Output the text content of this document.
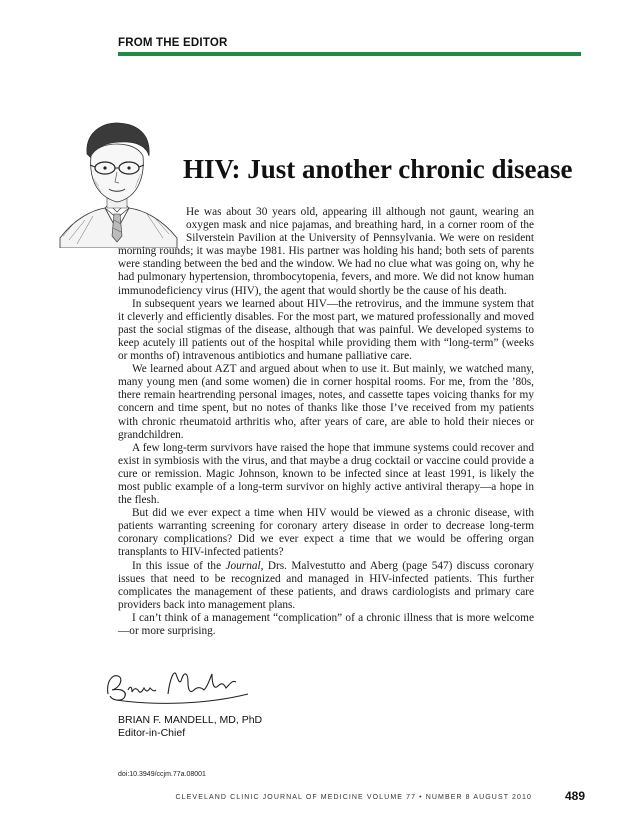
FROM THE EDITOR
HIV: Just another chronic disease

He was about 30 years old, appearing ill although not gaunt, wearing an oxygen mask and nice pajamas, and breathing hard, in a corner room of the Silverstein Pavilion at the University of Pennsylvania. We were on resident morning rounds; it was maybe 1981. His partner was holding his hand; both sets of parents were standing between the bed and the window. We had no clue what was going on, why he had pulmonary hypertension, thrombocytopenia, fevers, and more. We did not know human immunodeficiency virus (HIV), the agent that would shortly be the cause of his death.

In subsequent years we learned about HIV—the retrovirus, and the immune system that it cleverly and efficiently disables. For the most part, we matured professionally and moved past the social stigmas of the disease, although that was painful. We developed systems to keep acutely ill patients out of the hospital while providing them with “long-term” (weeks or months of) intravenous antibiotics and humane palliative care.

We learned about AZT and argued about when to use it. But mainly, we watched many, many young men (and some women) die in corner hospital rooms. For me, from the ’80s, there remain heartrending personal images, notes, and cassette tapes voicing thanks for my concern and time spent, but no notes of thanks like those I’ve received from my patients with chronic rheumatoid arthritis who, after years of care, are able to hold their nieces or grandchildren.

A few long-term survivors have raised the hope that immune systems could recover and exist in symbiosis with the virus, and that maybe a drug cocktail or vaccine could provide a cure or remission. Magic Johnson, known to be infected since at least 1991, is likely the most public example of a long-term survivor on highly active antiviral therapy—a hope in the flesh.

But did we ever expect a time when HIV would be viewed as a chronic disease, with patients warranting screening for coronary artery disease in order to decrease long-term coronary complications? Did we ever expect a time that we would be offering organ transplants to HIV-infected patients?

In this issue of the Journal, Drs. Malvestutto and Aberg (page 547) discuss coronary issues that need to be recognized and managed in HIV-infected patients. This further complicates the management of these patients, and draws cardiologists and primary care providers back into management plans.

I can’t think of a management “complication” of a chronic illness that is more welcome—or more surprising.

BRIAN F. MANDELL, MD, PhD
Editor-in-Chief
doi:10.3949/ccjm.77a.08001
CLEVELAND CLINIC JOURNAL OF MEDICINE VOLUME 77 • NUMBER 8 AUGUST 2010	489
